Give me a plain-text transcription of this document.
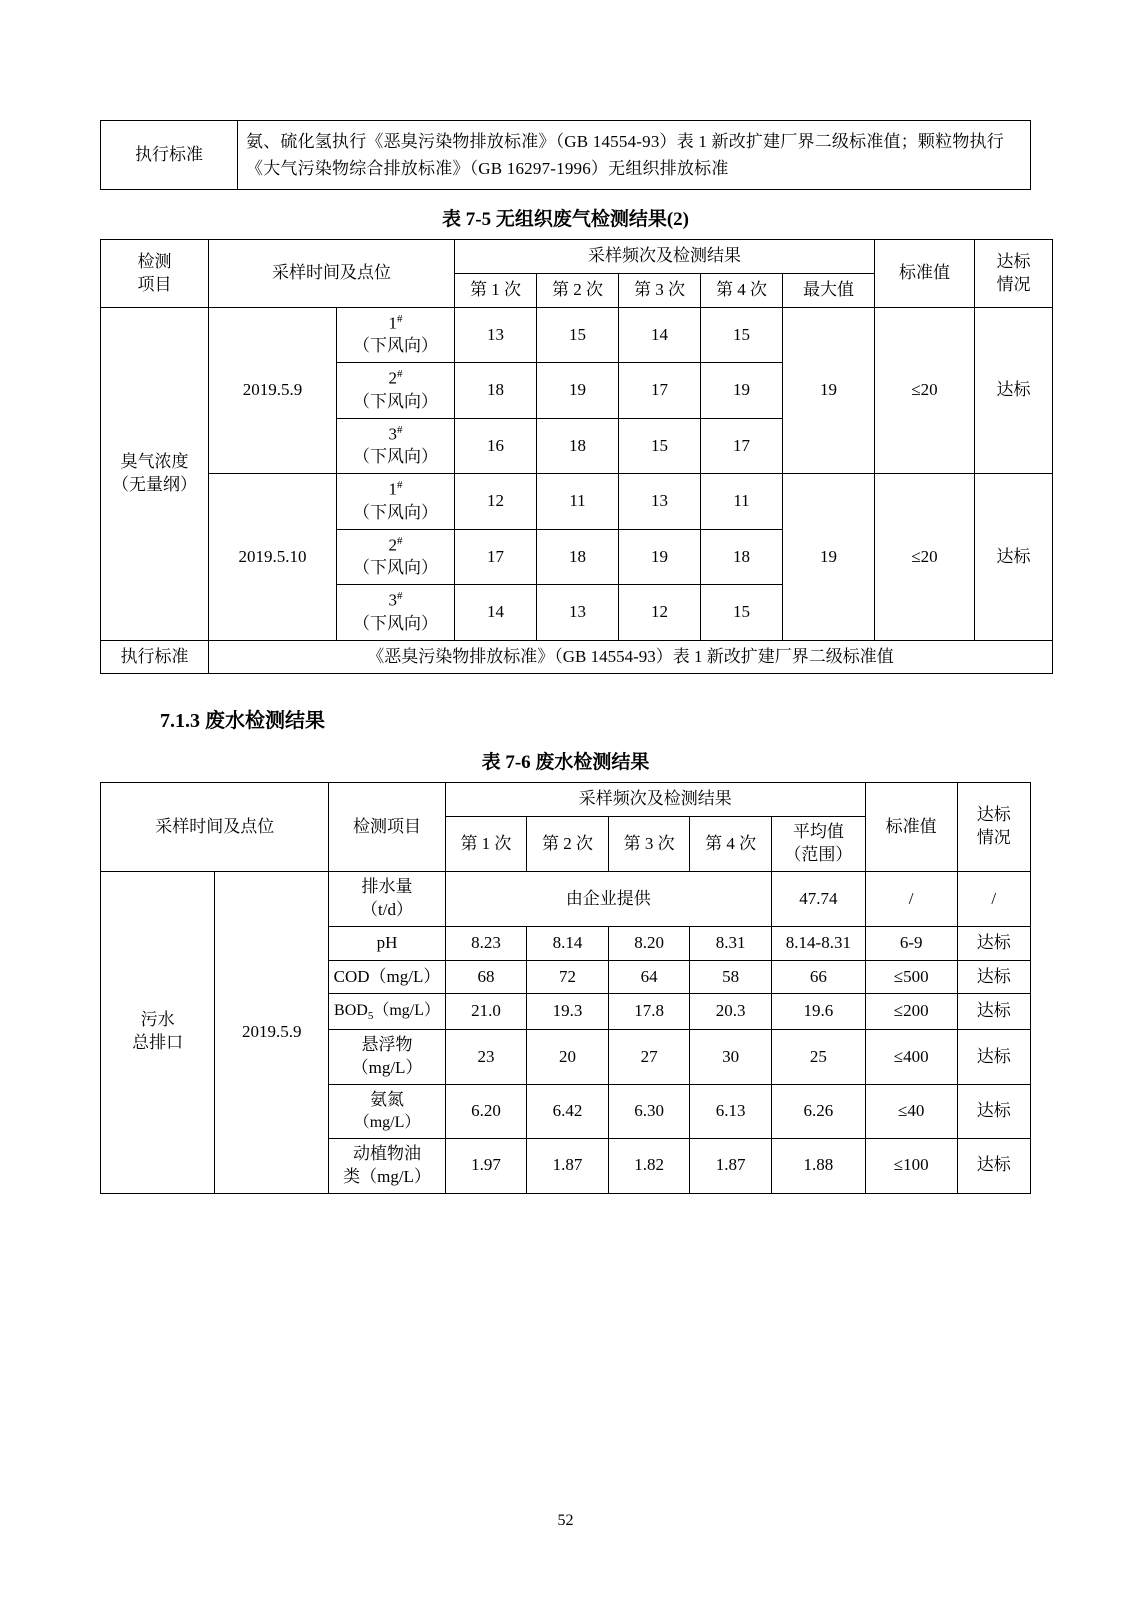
执行标准	氨、硫化氢执行《恶臭污染物排放标准》（GB 14554-93）表 1 新改扩建厂界二级标准值；颗粒物执行《大气污染物综合排放标准》（GB 16297-1996）无组织排放标准
表 7-5 无组织废气检测结果(2)
检测
项目
	采样时间及点位	采样频次及检测结果	标准值	
达标
情况

			第 1 次	第 2 次	第 3 次	第 4 次	最大值		

臭气浓度
（无量纲）
	2019.5.9	
1#
（下风向）
	13	15	14	15	19	≤20	达标

		2#
（下风向）	18	19	17	19			

		3#
（下风向）	16	18	15	17			
	2019.5.10	1#
（下风向）	12	11	13	11	19	≤20	达标

		2#
（下风向）	17	18	19	18			

		3#
（下风向）	14	13	12	15			
执行标准	《恶臭污染物排放标准》（GB 14554-93）表 1 新改扩建厂界二级标准值								
7.1.3 废水检测结果
表 7-6 废水检测结果
采样时间及点位		检测项目	采样频次及检测结果					标准值	达标
情况

			第 1 次	第 2 次	第 3 次	第 4 次	平均值
（范围）		

污水
总排口
	2019.5.9	
排水量
（t/d）
	由企业提供	47.74	/	/
		pH	8.23	8.14	8.20	8.31	8.14-8.31	6-9	达标
		COD（mg/L）	68	72	64	58	66	≤500	达标
		$BOD_5(mg/L)$	21.0	19.3	17.8	20.3	19.6	≤200	达标

		悬浮物
（mg/L）	23	20	27	30	25	≤400	达标

		氨氮
（mg/L）	6.20	6.42	6.30	6.13	6.26	≤40	达标

		动植物油
类（mg/L）	1.97	1.87	1.82	1.87	1.88	≤100	达标
52
